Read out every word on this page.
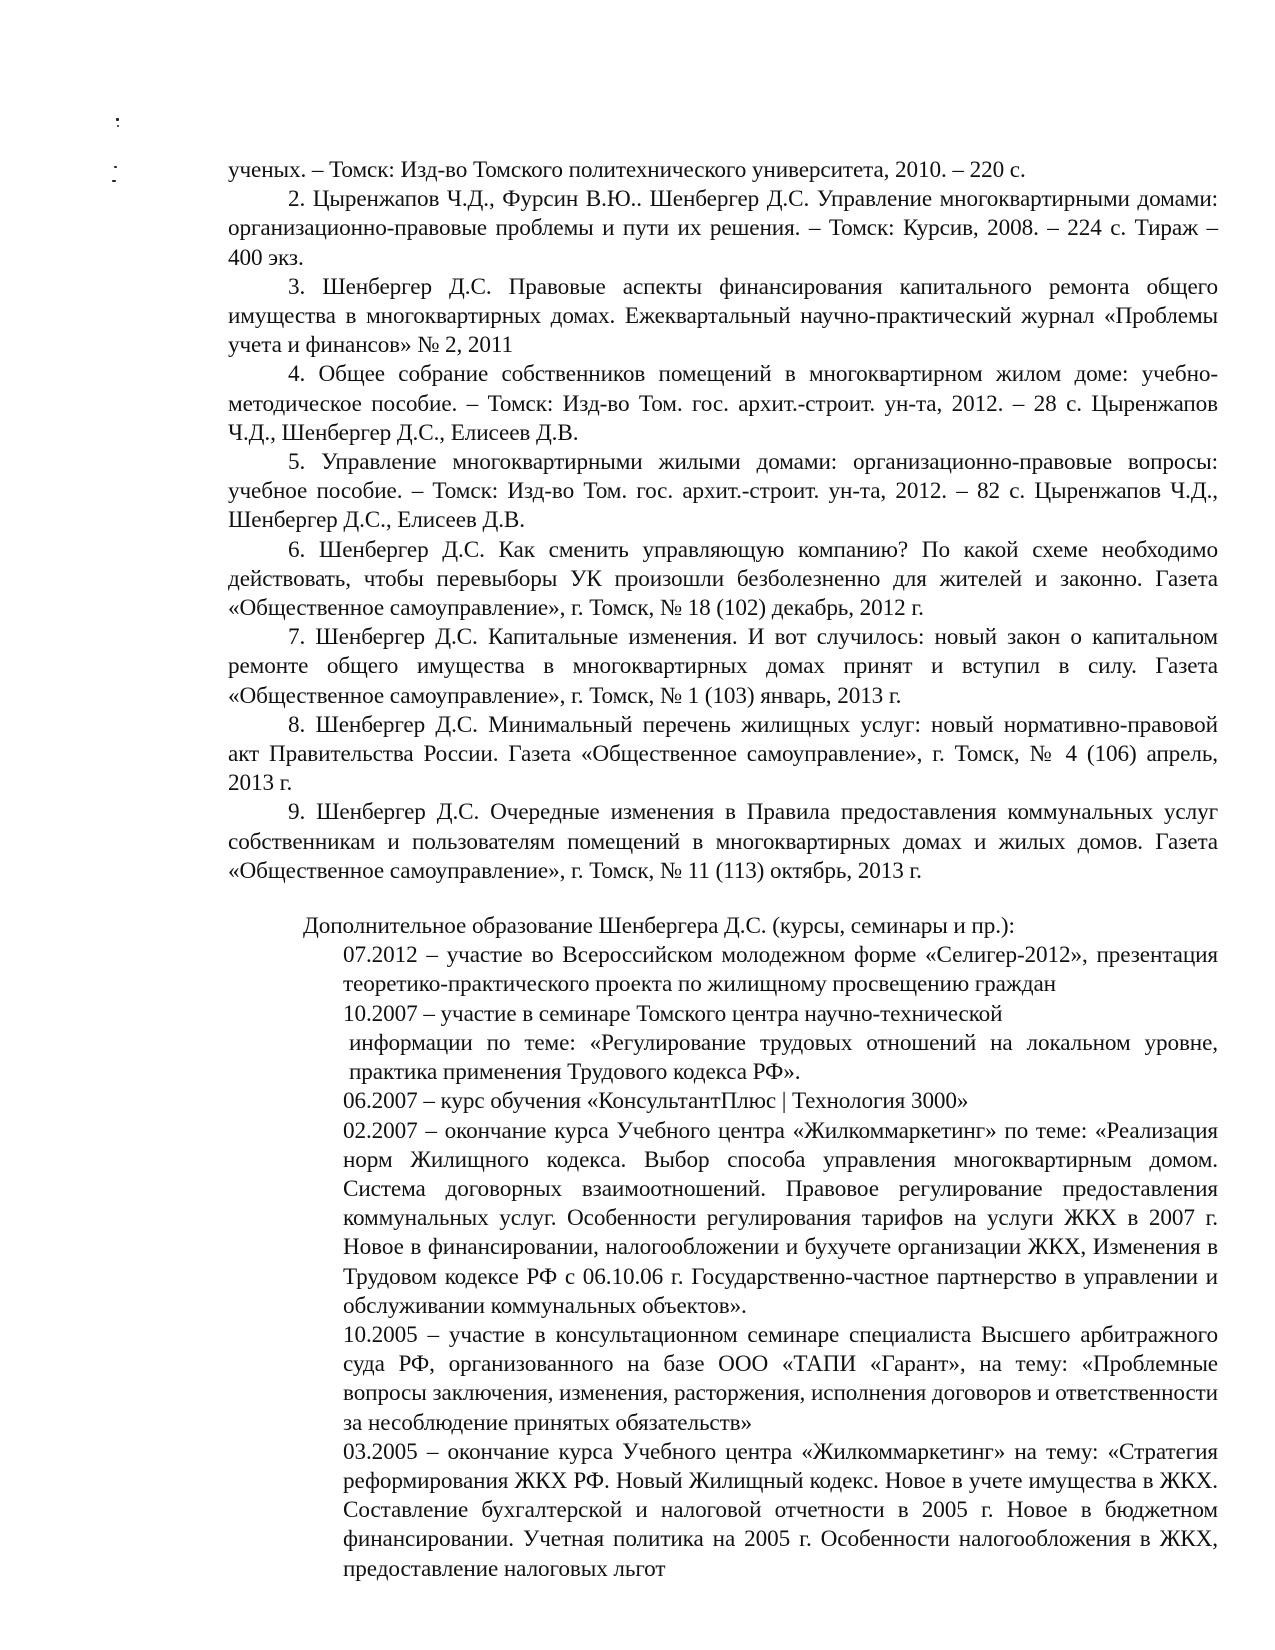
ученых. – Томск: Изд-во Томского политехнического университета, 2010. – 220 с.

2. Цыренжапов Ч.Д., Фурсин В.Ю.. Шенбергер Д.С. Управление многоквартирными домами: организационно-правовые проблемы и пути их решения. – Томск: Курсив, 2008. – 224 с. Тираж – 400 экз.

3. Шенбергер Д.С. Правовые аспекты финансирования капитального ремонта общего имущества в многоквартирных домах. Ежеквартальный научно-практический журнал «Проблемы учета и финансов» № 2, 2011

4. Общее собрание собственников помещений в многоквартирном жилом доме: учебно-методическое пособие. – Томск: Изд-во Том. гос. архит.-строит. ун-та, 2012. – 28 с. Цыренжапов Ч.Д., Шенбергер Д.С., Елисеев Д.В.

5. Управление многоквартирными жилыми домами: организационно-правовые вопросы: учебное пособие. – Томск: Изд-во Том. гос. архит.-строит. ун-та, 2012. – 82 с. Цыренжапов Ч.Д., Шенбергер Д.С., Елисеев Д.В.

6. Шенбергер Д.С. Как сменить управляющую компанию? По какой схеме необходимо действовать, чтобы перевыборы УК произошли безболезненно для жителей и законно. Газета «Общественное самоуправление», г. Томск, № 18 (102) декабрь, 2012 г.

7. Шенбергер Д.С. Капитальные изменения. И вот случилось: новый закон о капитальном ремонте общего имущества в многоквартирных домах принят и вступил в силу. Газета «Общественное самоуправление», г. Томск, № 1 (103) январь, 2013 г.

8. Шенбергер Д.С. Минимальный перечень жилищных услуг: новый нормативно-правовой акт Правительства России. Газета «Общественное самоуправление», г. Томск, № 4 (106) апрель, 2013 г.

9. Шенбергер Д.С. Очередные изменения в Правила предоставления коммунальных услуг собственникам и пользователям помещений в многоквартирных домах и жилых домов. Газета «Общественное самоуправление», г. Томск, № 11 (113) октябрь, 2013 г.

Дополнительное образование Шенбергера Д.С. (курсы, семинары и пр.):

07.2012 – участие во Всероссийском молодежном форме «Селигер-2012», презентация теоретико-практического проекта по жилищному просвещению граждан

10.2007 – участие в семинаре Томского центра научно-технической
информации по теме: «Регулирование трудовых отношений на локальном уровне, практика применения Трудового кодекса РФ».

06.2007 – курс обучения «КонсультантПлюс | Технология 3000»

02.2007 – окончание курса Учебного центра «Жилкоммаркетинг» по теме: «Реализация норм Жилищного кодекса. Выбор способа управления многоквартирным домом. Система договорных взаимоотношений. Правовое регулирование предоставления коммунальных услуг. Особенности регулирования тарифов на услуги ЖКХ в 2007 г. Новое в финансировании, налогообложении и бухучете организации ЖКХ, Изменения в Трудовом кодексе РФ с 06.10.06 г. Государственно-частное партнерство в управлении и обслуживании коммунальных объектов».

10.2005 – участие в консультационном семинаре специалиста Высшего арбитражного суда РФ, организованного на базе ООО «ТАПИ «Гарант», на тему: «Проблемные вопросы заключения, изменения, расторжения, исполнения договоров и ответственности за несоблюдение принятых обязательств»

03.2005 – окончание курса Учебного центра «Жилкоммаркетинг» на тему: «Стратегия реформирования ЖКХ РФ. Новый Жилищный кодекс. Новое в учете имущества в ЖКХ. Составление бухгалтерской и налоговой отчетности в 2005 г. Новое в бюджетном финансировании. Учетная политика на 2005 г. Особенности налогообложения в ЖКХ, предоставление налоговых льгот
